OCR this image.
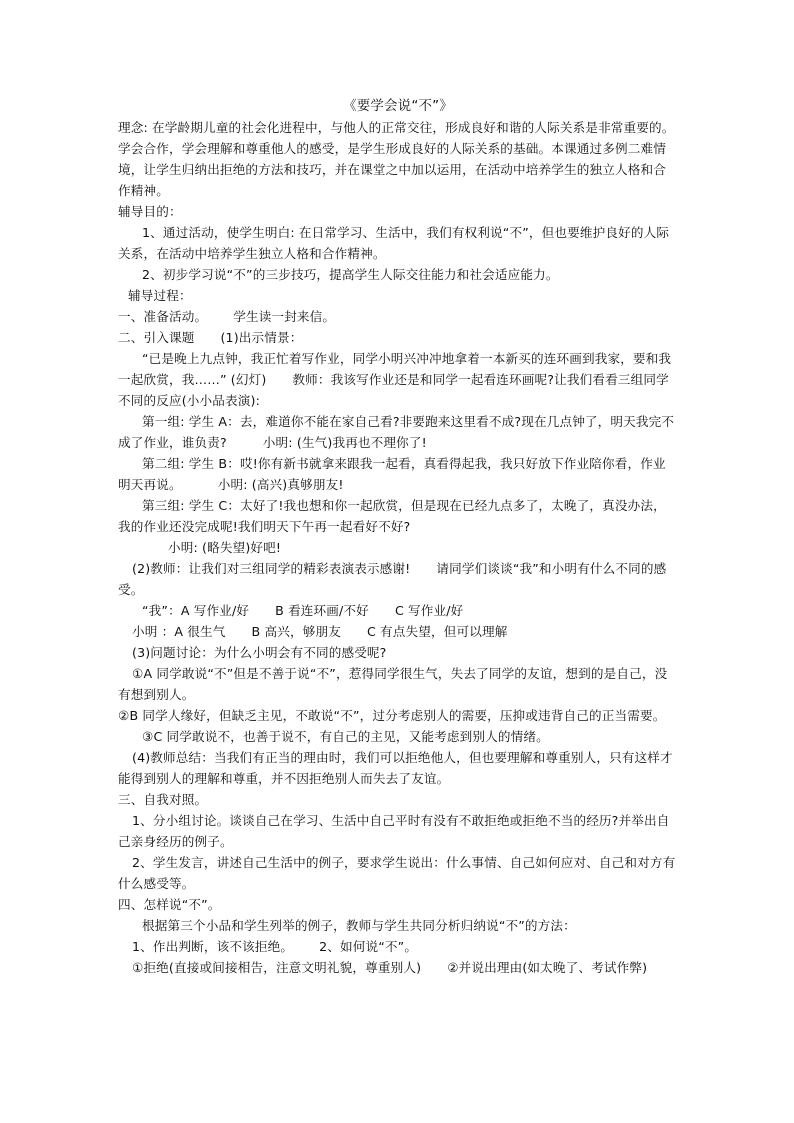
《要学会说“不”》

理念: 在学龄期儿童的社会化进程中，与他人的正常交往，形成良好和谐的人际关系是非常重要的。学会合作，学会理解和尊重他人的感受，是学生形成良好的人际关系的基础。本课通过多例二难情境，让学生归纳出拒绝的方法和技巧，并在课堂之中加以运用，在活动中培养学生的独立人格和合作精神。

辅导目的：

1、通过活动，使学生明白: 在日常学习、生活中，我们有权利说“不”，但也要维护良好的人际关系，在活动中培养学生独立人格和合作精神。

2、初步学习说“不”的三步技巧，提高学生人际交往能力和社会适应能力。

辅导过程：

一、准备活动。 学生读一封来信。

二、引入课题 (1)出示情景：

“已是晚上九点钟，我正忙着写作业，同学小明兴冲冲地拿着一本新买的连环画到我家，要和我一起欣赏，我……” (幻灯) 教师：我该写作业还是和同学一起看连环画呢?让我们看看三组同学不同的反应(小小品表演):

第一组: 学生 A：去，难道你不能在家自己看?非要跑来这里看不成?现在几点钟了，明天我完不成了作业，谁负责?	小明: (生气)我再也不理你了!

第二组: 学生 B：哎!你有新书就拿来跟我一起看，真看得起我，我只好放下作业陪你看，作业明天再说。	小明: (高兴)真够朋友!

第三组: 学生 C：太好了!我也想和你一起欣赏，但是现在已经九点多了，太晚了，真没办法，我的作业还没完成呢!我们明天下午再一起看好不好?

小明: (略失望)好吧!

(2)教师：让我们对三组同学的精彩表演表示感谢! 请同学们谈谈“我”和小明有什么不同的感受。

“我”：A 写作业/好 B 看连环画/不好 C 写作业/好

小明 ：A 很生气 B 高兴，够朋友 C 有点失望，但可以理解

(3)问题讨论：为什么小明会有不同的感受呢?

①A 同学敢说“不”但是不善于说“不”，惹得同学很生气，失去了同学的友谊，想到的是自己，没有想到别人。

②B 同学人缘好，但缺乏主见，不敢说“不”，过分考虑别人的需要，压抑或违背自己的正当需要。

③C 同学敢说不，也善于说不，有自己的主见，又能考虑到别人的情绪。

(4)教师总结：当我们有正当的理由时，我们可以拒绝他人，但也要理解和尊重别人，只有这样才能得到别人的理解和尊重，并不因拒绝别人而失去了友谊。

三、自我对照。

1、分小组讨论。谈谈自己在学习、生活中自己平时有没有不敢拒绝或拒绝不当的经历?并举出自己亲身经历的例子。

2、学生发言，讲述自己生活中的例子，要求学生说出：什么事情、自己如何应对、自己和对方有什么感受等。

四、怎样说“不”。

根据第三个小品和学生列举的例子，教师与学生共同分析归纳说“不”的方法：

1、作出判断，该不该拒绝。 2、如何说“不”。

①拒绝(直接或间接相告，注意文明礼貌，尊重别人) ②并说出理由(如太晚了、考试作弊)
